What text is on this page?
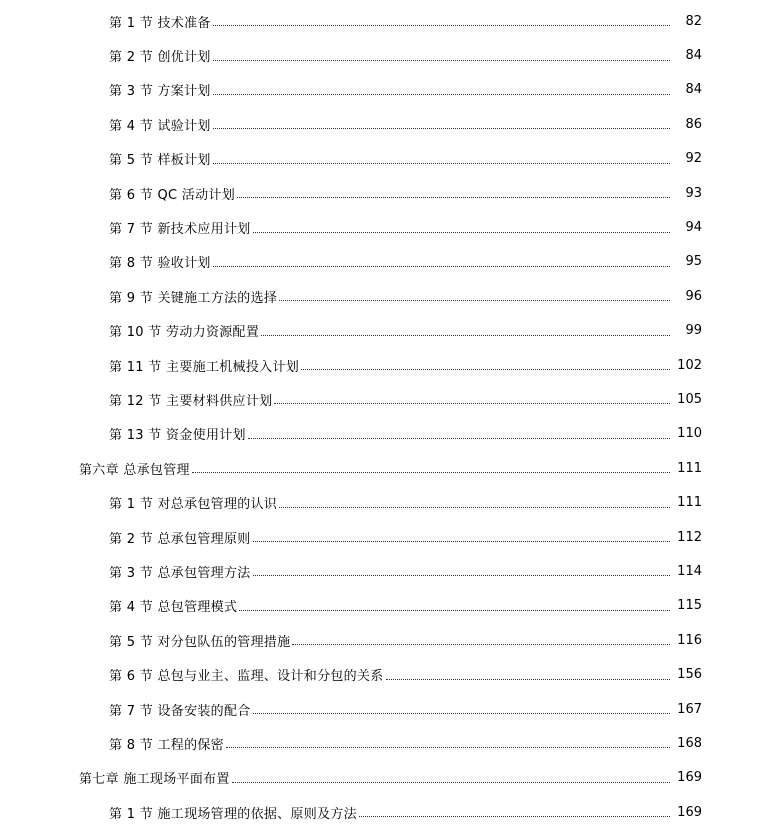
第 1 节 技术准备	82
第 2 节 创优计划	84
第 3 节 方案计划	84
第 4 节 试验计划	86
第 5 节 样板计划	92
第 6 节 QC 活动计划	93
第 7 节 新技术应用计划	94
第 8 节 验收计划	95
第 9 节 关键施工方法的选择	96
第 10 节 劳动力资源配置	99
第 11 节 主要施工机械投入计划	102
第 12 节 主要材料供应计划	105
第 13 节 资金使用计划	110
第六章 总承包管理	111
第 1 节 对总承包管理的认识	111
第 2 节 总承包管理原则	112
第 3 节 总承包管理方法	114
第 4 节 总包管理模式	115
第 5 节 对分包队伍的管理措施	116
第 6 节 总包与业主、监理、设计和分包的关系	156
第 7 节 设备安装的配合	167
第 8 节 工程的保密	168
第七章 施工现场平面布置	169
第 1 节 施工现场管理的依据、原则及方法	169
